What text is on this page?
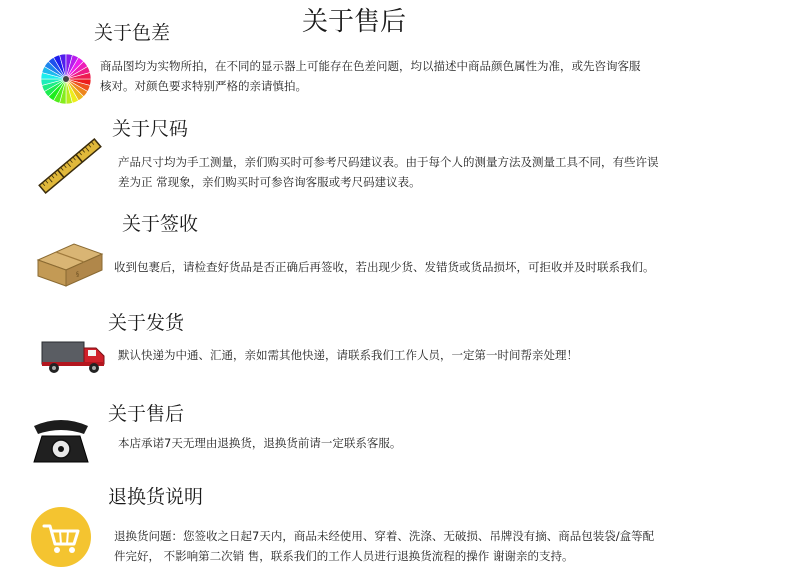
关于售后
关于色差
商品图均为实物所拍，在不同的显示器上可能存在色差问题，均以描述中商品颜色属性为准，或先咨询客服
核对。对颜色要求特别严格的亲请慎拍。
关于尺码
产品尺寸均为手工测量，亲们购买时可参考尺码建议表。由于每个人的测量方法及测量工具不同，有些许误
差为正 常现象，亲们购买时可参咨询客服或考尺码建议表。
关于签收
§
收到包裹后，请检查好货品是否正确后再签收，若出现少货、发错货或货品损坏，可拒收并及时联系我们。
关于发货
默认快递为中通、汇通，亲如需其他快递，请联系我们工作人员，一定第一时间帮亲处理！
关于售后
本店承诺7天无理由退换货，退换货前请一定联系客服。
退换货说明
退换货问题：您签收之日起7天内，商品未经使用、穿着、洗涤、无破损、吊牌没有摘、商品包装袋/盒等配
件完好， 不影响第二次销 售，联系我们的工作人员进行退换货流程的操作 谢谢亲的支持。
